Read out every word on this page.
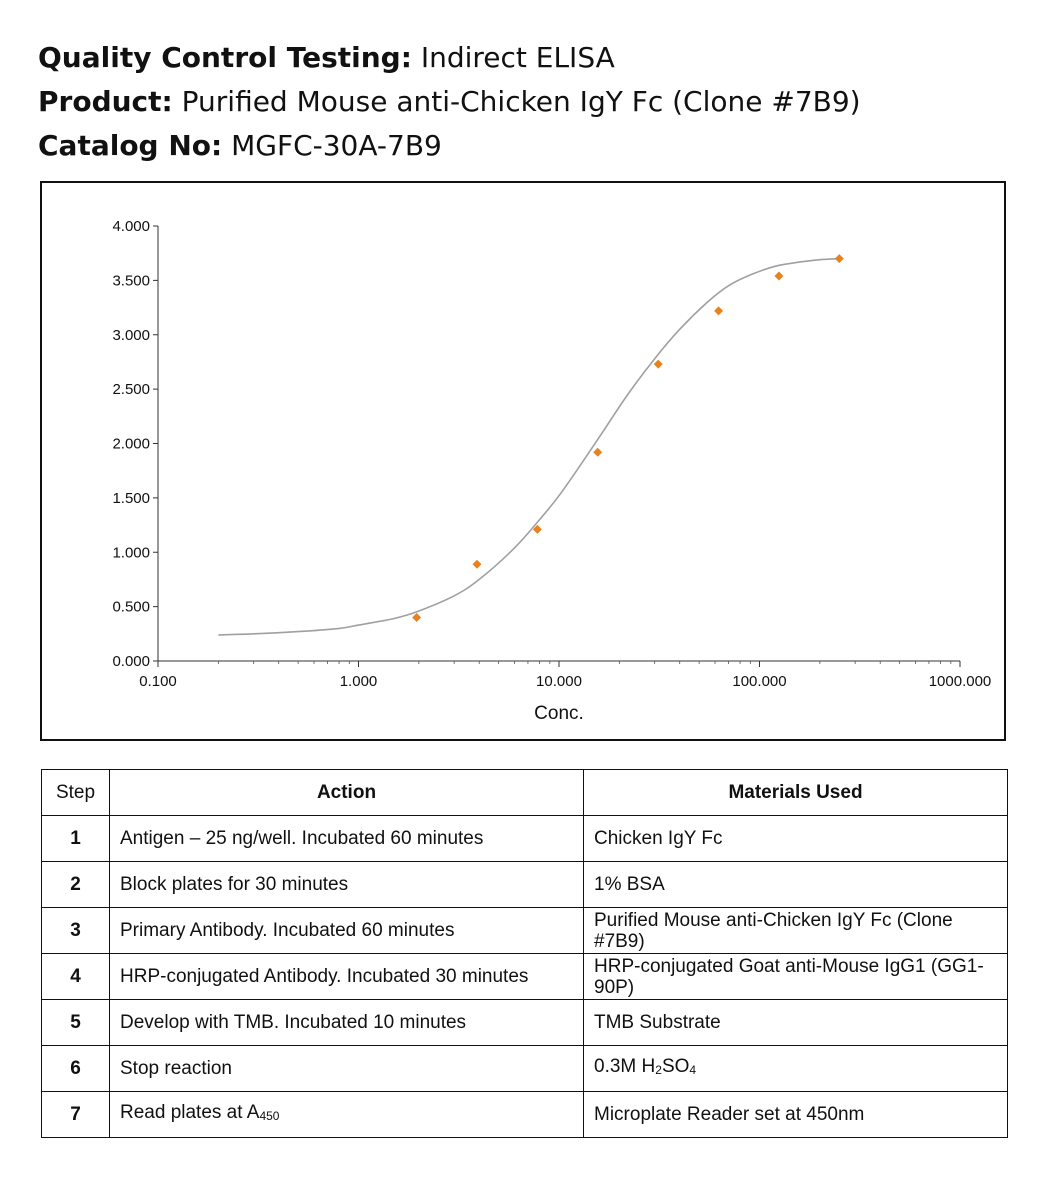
Quality Control Testing: Indirect ELISA
Product: Purified Mouse anti-Chicken IgY Fc (Clone #7B9)
Catalog No: MGFC-30A-7B9
0.000
0.500
1.000
1.500
2.000
2.500
3.000
3.500
4.000
0.100	1.000	10.000	100.000	1000.000
Conc.
Step	Action	Materials Used
1	Antigen – 25 ng/well. Incubated 60 minutes	Chicken IgY Fc
2	Block plates for 30 minutes	1% BSA
3	Primary Antibody. Incubated 60 minutes	Purified Mouse anti-Chicken IgY Fc (Clone #7B9)
4	HRP-conjugated Antibody. Incubated 30 minutes	HRP-conjugated Goat anti-Mouse IgG1 (GG1-90P)
5	Develop with TMB. Incubated 10 minutes	TMB Substrate
6	Stop reaction	0.3M $H_2SO_4$
7	Read plates at $A_{450}$	Microplate Reader set at 450nm
